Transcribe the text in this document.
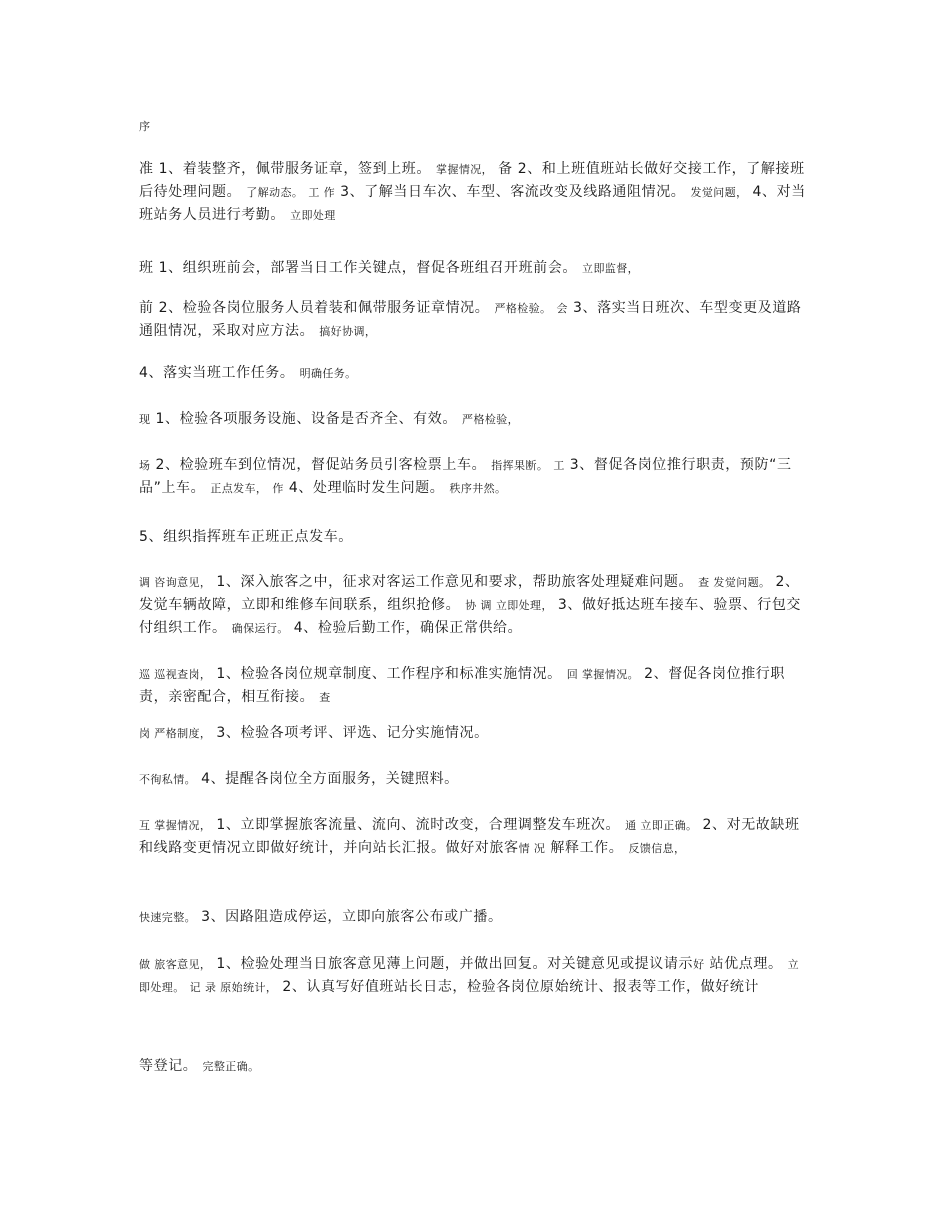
序

准 1、着装整齐，佩带服务证章，签到上班。 掌握情况， 备 2、和上班值班站长做好交接工作，了解接班后待处理问题。 了解动态。 工 作 3、了解当日车次、车型、客流改变及线路通阻情况。 发觉问题， 4、对当班站务人员进行考勤。 立即处理

班 1、组织班前会，部署当日工作关键点，督促各班组召开班前会。 立即监督，

前 2、检验各岗位服务人员着装和佩带服务证章情况。 严格检验。 会 3、落实当日班次、车型变更及道路通阻情况，采取对应方法。 搞好协调，

4、落实当班工作任务。 明确任务。

现 1、检验各项服务设施、设备是否齐全、有效。 严格检验，

场 2、检验班车到位情况，督促站务员引客检票上车。 指挥果断。 工 3、督促各岗位推行职责，预防“三品”上车。 正点发车， 作 4、处理临时发生问题。 秩序井然。

5、组织指挥班车正班正点发车。

调 咨询意见， 1、深入旅客之中，征求对客运工作意见和要求，帮助旅客处理疑难问题。 查 发觉问题。 2、发觉车辆故障，立即和维修车间联系，组织抢修。 协 调 立即处理， 3、做好抵达班车接车、验票、行包交付组织工作。 确保运行。 4、检验后勤工作，确保正常供给。

巡 巡视查岗， 1、检验各岗位规章制度、工作程序和标准实施情况。 回 掌握情况。 2、督促各岗位推行职责，亲密配合，相互衔接。 查

岗 严格制度， 3、检验各项考评、评选、记分实施情况。

不徇私情。 4、提醒各岗位全方面服务，关键照料。

互 掌握情况， 1、立即掌握旅客流量、流向、流时改变，合理调整发车班次。 通 立即正确。 2、对无故缺班和线路变更情况立即做好统计，并向站长汇报。做好对旅客情 况 解释工作。 反馈信息，

快速完整。 3、因路阻造成停运，立即向旅客公布或广播。

做 旅客意见， 1、检验处理当日旅客意见薄上问题，并做出回复。对关键意见或提议请示好 站优点理。 立即处理。 记 录 原始统计， 2、认真写好值班站长日志，检验各岗位原始统计、报表等工作，做好统计

等登记。 完整正确。
